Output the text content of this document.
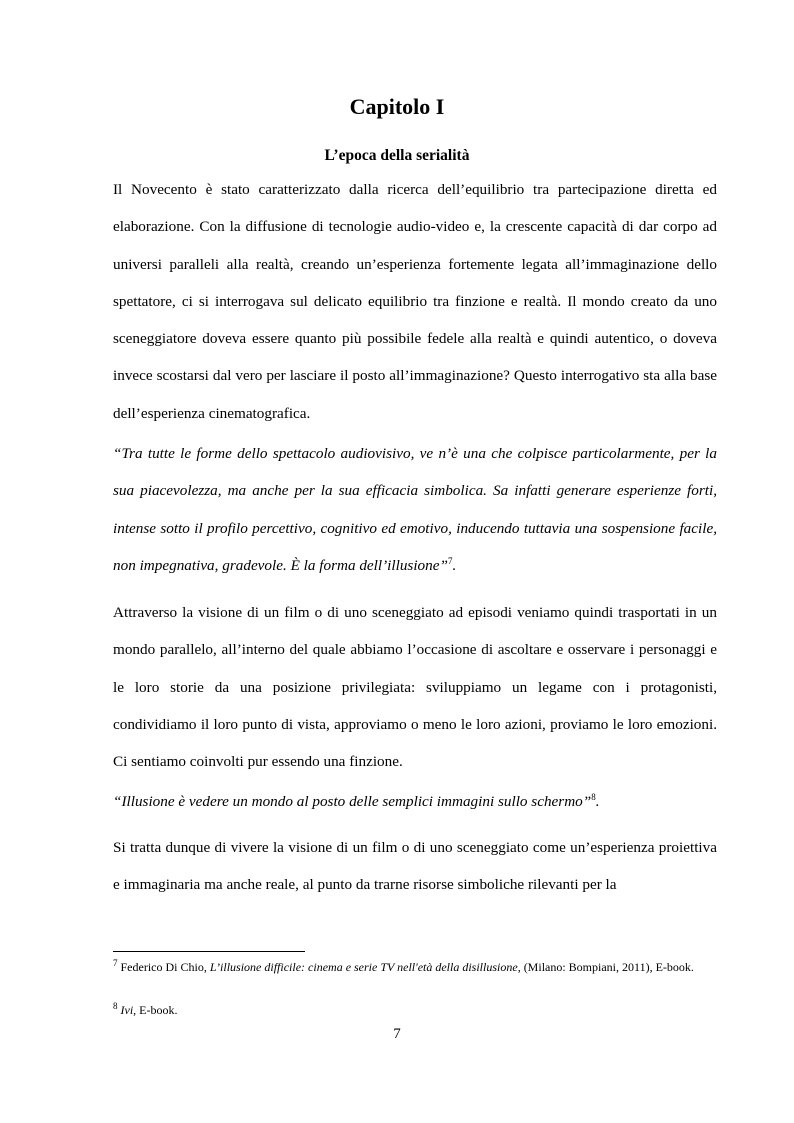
Capitolo I
L’epoca della serialità

Il Novecento è stato caratterizzato dalla ricerca dell’equilibrio tra partecipazione diretta ed elaborazione. Con la diffusione di tecnologie audio-video e, la crescente capacità di dar corpo ad universi paralleli alla realtà, creando un’esperienza fortemente legata all’immaginazione dello spettatore, ci si interrogava sul delicato equilibrio tra finzione e realtà. Il mondo creato da uno sceneggiatore doveva essere quanto più possibile fedele alla realtà e quindi autentico, o doveva invece scostarsi dal vero per lasciare il posto all’immaginazione? Questo interrogativo sta alla base dell’esperienza cinematografica.

“Tra tutte le forme dello spettacolo audiovisivo, ve n’è una che colpisce particolarmente, per la sua piacevolezza, ma anche per la sua efficacia simbolica. Sa infatti generare esperienze forti, intense sotto il profilo percettivo, cognitivo ed emotivo, inducendo tuttavia una sospensione facile, non impegnativa, gradevole. È la forma dell’illusione”$^7$.

Attraverso la visione di un film o di uno sceneggiato ad episodi veniamo quindi trasportati in un mondo parallelo, all’interno del quale abbiamo l’occasione di ascoltare e osservare i personaggi e le loro storie da una posizione privilegiata: sviluppiamo un legame con i protagonisti, condividiamo il loro punto di vista, approviamo o meno le loro azioni, proviamo le loro emozioni. Ci sentiamo coinvolti pur essendo una finzione.

“Illusione è vedere un mondo al posto delle semplici immagini sullo schermo”$^8$.

Si tratta dunque di vivere la visione di un film o di uno sceneggiato come un’esperienza proiettiva e immaginaria ma anche reale, al punto da trarne risorse simboliche rilevanti per la

$^7$ Federico Di Chio, L’illusione difficile: cinema e serie TV nell'età della disillusione, (Milano: Bompiani, 2011), E-book.

$^8$ Ivi, E-book.

7
